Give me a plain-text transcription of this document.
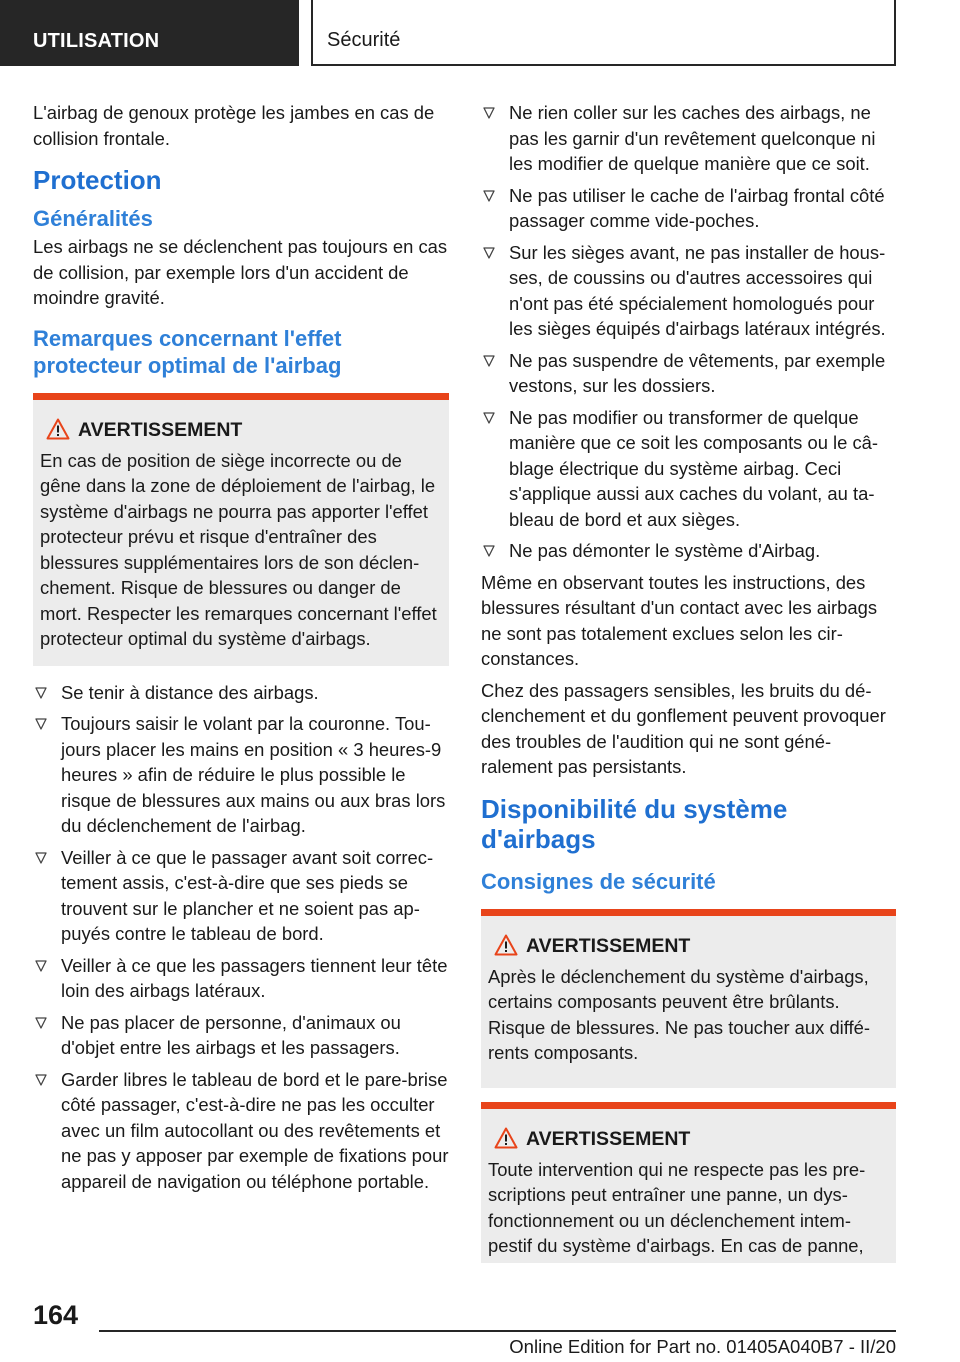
UTILISATION	Sécurité

L'airbag de genoux protège les jambes en cas de collision frontale.

Protection
Généralités

Les airbags ne se déclenchent pas toujours en cas de collision, par exemple lors d'un accident de moindre gravité.

Remarques concernant l'effet protecteur optimal de l'airbag
AVERTISSEMENT

En cas de position de siège incorrecte ou de gêne dans la zone de déploiement de l'airbag, le système d'airbags ne pourra pas apporter l'effet protecteur prévu et risque d'entraîner des blessures supplémentaires lors de son déclenchement. Risque de blessures ou danger de mort. Respecter les remarques concernant l'effet protecteur optimal du système d'airbags.

Se tenir à distance des airbags.
Toujours saisir le volant par la couronne. Toujours placer les mains en position « 3 heures-9 heures » afin de réduire le plus possible le risque de blessures aux mains ou aux bras lors du déclenchement de l'airbag.
Veiller à ce que le passager avant soit correctement assis, c'est-à-dire que ses pieds se trouvent sur le plancher et ne soient pas appuyés contre le tableau de bord.
Veiller à ce que les passagers tiennent leur tête loin des airbags latéraux.
Ne pas placer de personne, d'animaux ou d'objet entre les airbags et les passagers.
Garder libres le tableau de bord et le pare-brise côté passager, c'est-à-dire ne pas les occulter avec un film autocollant ou des revêtements et ne pas y apposer par exemple de fixations pour appareil de navigation ou téléphone portable.
Ne rien coller sur les caches des airbags, ne pas les garnir d'un revêtement quelconque ni les modifier de quelque manière que ce soit.
Ne pas utiliser le cache de l'airbag frontal côté passager comme vide-poches.
Sur les sièges avant, ne pas installer de housses, de coussins ou d'autres accessoires qui n'ont pas été spécialement homologués pour les sièges équipés d'airbags latéraux intégrés.
Ne pas suspendre de vêtements, par exemple vestons, sur les dossiers.
Ne pas modifier ou transformer de quelque manière que ce soit les composants ou le câblage électrique du système airbag. Ceci s'applique aussi aux caches du volant, au tableau de bord et aux sièges.
Ne pas démonter le système d'Airbag.

Même en observant toutes les instructions, des blessures résultant d'un contact avec les airbags ne sont pas totalement exclues selon les circonstances.

Chez des passagers sensibles, les bruits du déclenchement et du gonflement peuvent provoquer des troubles de l'audition qui ne sont généralement pas persistants.

Disponibilité du système d'airbags
Consignes de sécurité
AVERTISSEMENT

Après le déclenchement du système d'airbags, certains composants peuvent être brûlants. Risque de blessures. Ne pas toucher aux différents composants.

AVERTISSEMENT

Toute intervention qui ne respecte pas les prescriptions peut entraîner une panne, un dysfonctionnement ou un déclenchement intempestif du système d'airbags. En cas de panne,

164
Online Edition for Part no. 01405A040B7 - II/20
